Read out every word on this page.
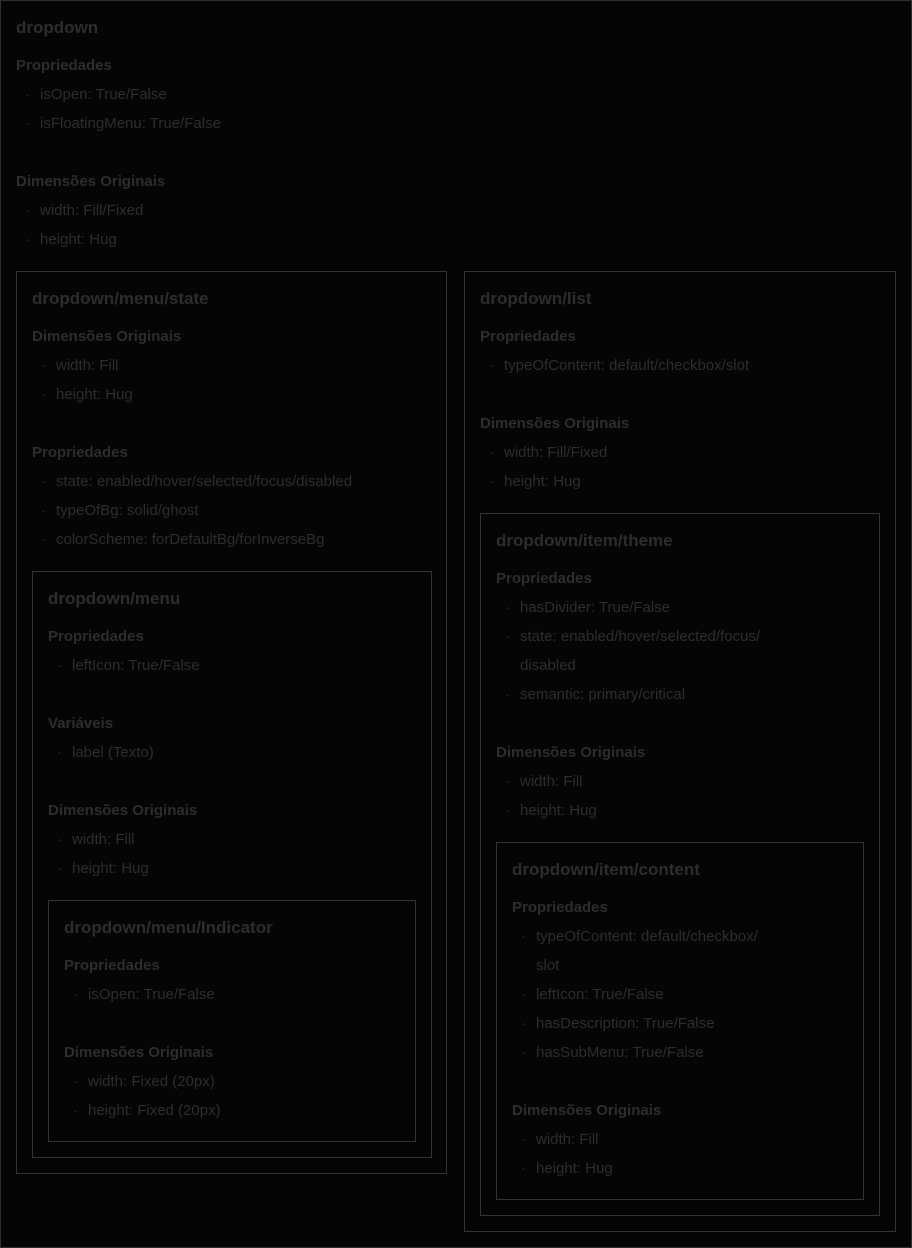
dropdown
Propriedades
· isOpen: True/False
· isFloatingMenu: True/False
Dimensões Originais
· width: Fill/Fixed
· height: Hug
dropdown/menu/state
Dimensões Originais
· width: Fill
· height: Hug
Propriedades
· state: enabled/hover/selected/focus/disabled
· typeOfBg: solid/ghost
· colorScheme: forDefaultBg/forInverseBg
dropdown/menu
Propriedades
· leftIcon: True/False
Variáveis
· label (Texto)
Dimensões Originais
· width: Fill
· height: Hug
dropdown/menu/Indicator
Propriedades
· isOpen: True/False
Dimensões Originais
· width: Fixed (20px)
· height: Fixed (20px)
dropdown/list
Propriedades
· typeOfContent: default/checkbox/slot
Dimensões Originais
· width: Fill/Fixed
· height: Hug
dropdown/item/theme
Propriedades
· hasDivider: True/False
· state: enabled/hover/selected/focus/
disabled
· semantic: primary/critical
Dimensões Originais
· width: Fill
· height: Hug
dropdown/item/content
Propriedades
· typeOfContent: default/checkbox/
slot
· leftIcon: True/False
· hasDescription: True/False
· hasSubMenu: True/False
Dimensões Originais
· width: Fill
· height: Hug
